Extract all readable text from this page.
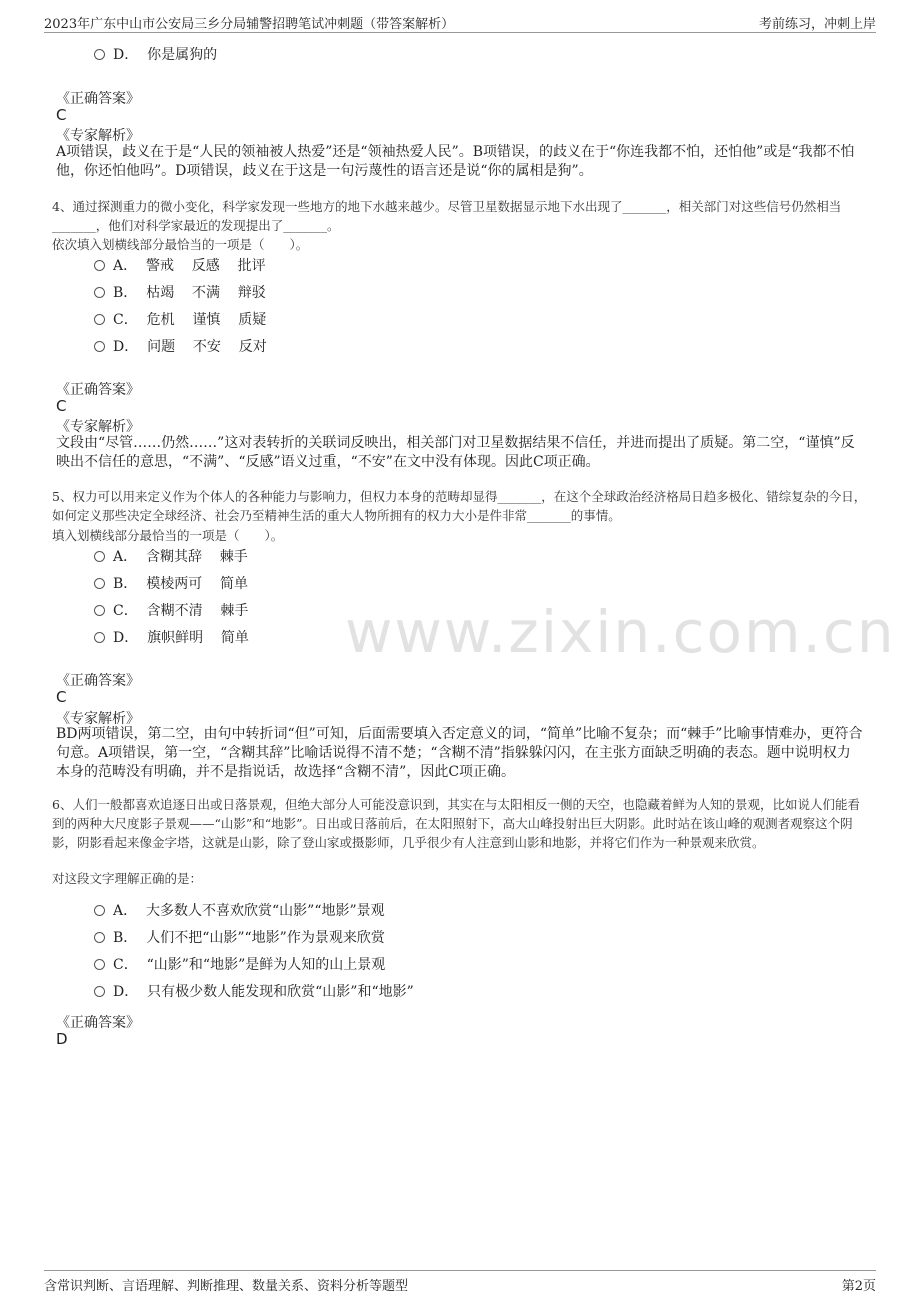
2023年广东中山市公安局三乡分局辅警招聘笔试冲刺题（带答案解析）	考前练习，冲刺上岸
www.zixin.com.cn
D．  你是属狗的
《正确答案》
C
《专家解析》
A项错误，歧义在于是“人民的领袖被人热爱”还是“领袖热爱人民”。B项错误，的歧义在于“你连我都不怕，还怕他”或是“我都不怕他，你还怕他吗”。D项错误，歧义在于这是一句污蔑性的语言还是说“你的属相是狗”。
4、通过探测重力的微小变化，科学家发现一些地方的地下水越来越少。尽管卫星数据显示地下水出现了_______，相关部门对这些信号仍然相当_______，他们对科学家最近的发现提出了_______。
依次填入划横线部分最恰当的一项是（　　）。
A．  警戒    反感    批评
B．  枯竭    不满    辩驳
C．  危机    谨慎    质疑
D．  问题    不安    反对
《正确答案》
C
《专家解析》
文段由“尽管……仍然……”这对表转折的关联词反映出，相关部门对卫星数据结果不信任，并进而提出了质疑。第二空，“谨慎”反映出不信任的意思，“不满”、“反感”语义过重，“不安”在文中没有体现。因此C项正确。
5、权力可以用来定义作为个体人的各种能力与影响力，但权力本身的范畴却显得_______，在这个全球政治经济格局日趋多极化、错综复杂的今日，如何定义那些决定全球经济、社会乃至精神生活的重大人物所拥有的权力大小是件非常_______的事情。
填入划横线部分最恰当的一项是（　　）。
A．  含糊其辞    棘手
B．  模棱两可    简单
C．  含糊不清    棘手
D．  旗帜鲜明    简单
《正确答案》
C
《专家解析》
BD两项错误，第二空，由句中转折词“但”可知，后面需要填入否定意义的词，“简单”比喻不复杂；而“棘手”比喻事情难办，更符合句意。A项错误，第一空，“含糊其辞”比喻话说得不清不楚；“含糊不清”指躲躲闪闪，在主张方面缺乏明确的表态。题中说明权力本身的范畴没有明确，并不是指说话，故选择“含糊不清”，因此C项正确。
6、人们一般都喜欢追逐日出或日落景观，但绝大部分人可能没意识到，其实在与太阳相反一侧的天空，也隐藏着鲜为人知的景观，比如说人们能看到的两种大尺度影子景观——“山影”和“地影”。日出或日落前后，在太阳照射下，高大山峰投射出巨大阴影。此时站在该山峰的观测者观察这个阴影，阴影看起来像金字塔，这就是山影，除了登山家或摄影师，几乎很少有人注意到山影和地影，并将它们作为一种景观来欣赏。
对这段文字理解正确的是：
A．  大多数人不喜欢欣赏“山影”“地影”景观
B．  人们不把“山影”“地影”作为景观来欣赏
C．  “山影”和“地影”是鲜为人知的山上景观
D．  只有极少数人能发现和欣赏“山影”和“地影”
《正确答案》
D
含常识判断、言语理解、判断推理、数量关系、资料分析等题型	第2页
